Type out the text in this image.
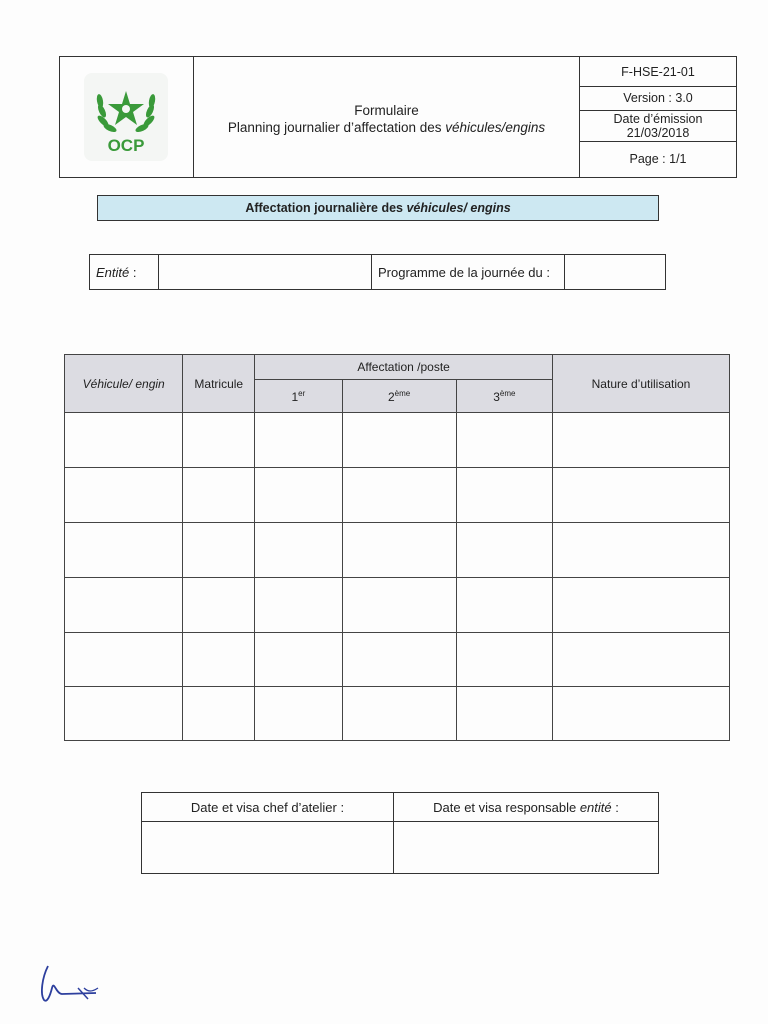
OCP
Formulaire
Planning journalier d’affectation des véhicules/engins
F-HSE-21-01
Version : 3.0
Date d’émission
21/03/2018
Page : 1/1
Affectation journalière des véhicules/ engins
Entité :		Programme de la journée du :	
Véhicule/ engin	Matricule	Affectation /poste			Nature d’utilisation
		1er	2ème	3ème

Date et visa chef d’atelier :	Date et visa responsable entité :
